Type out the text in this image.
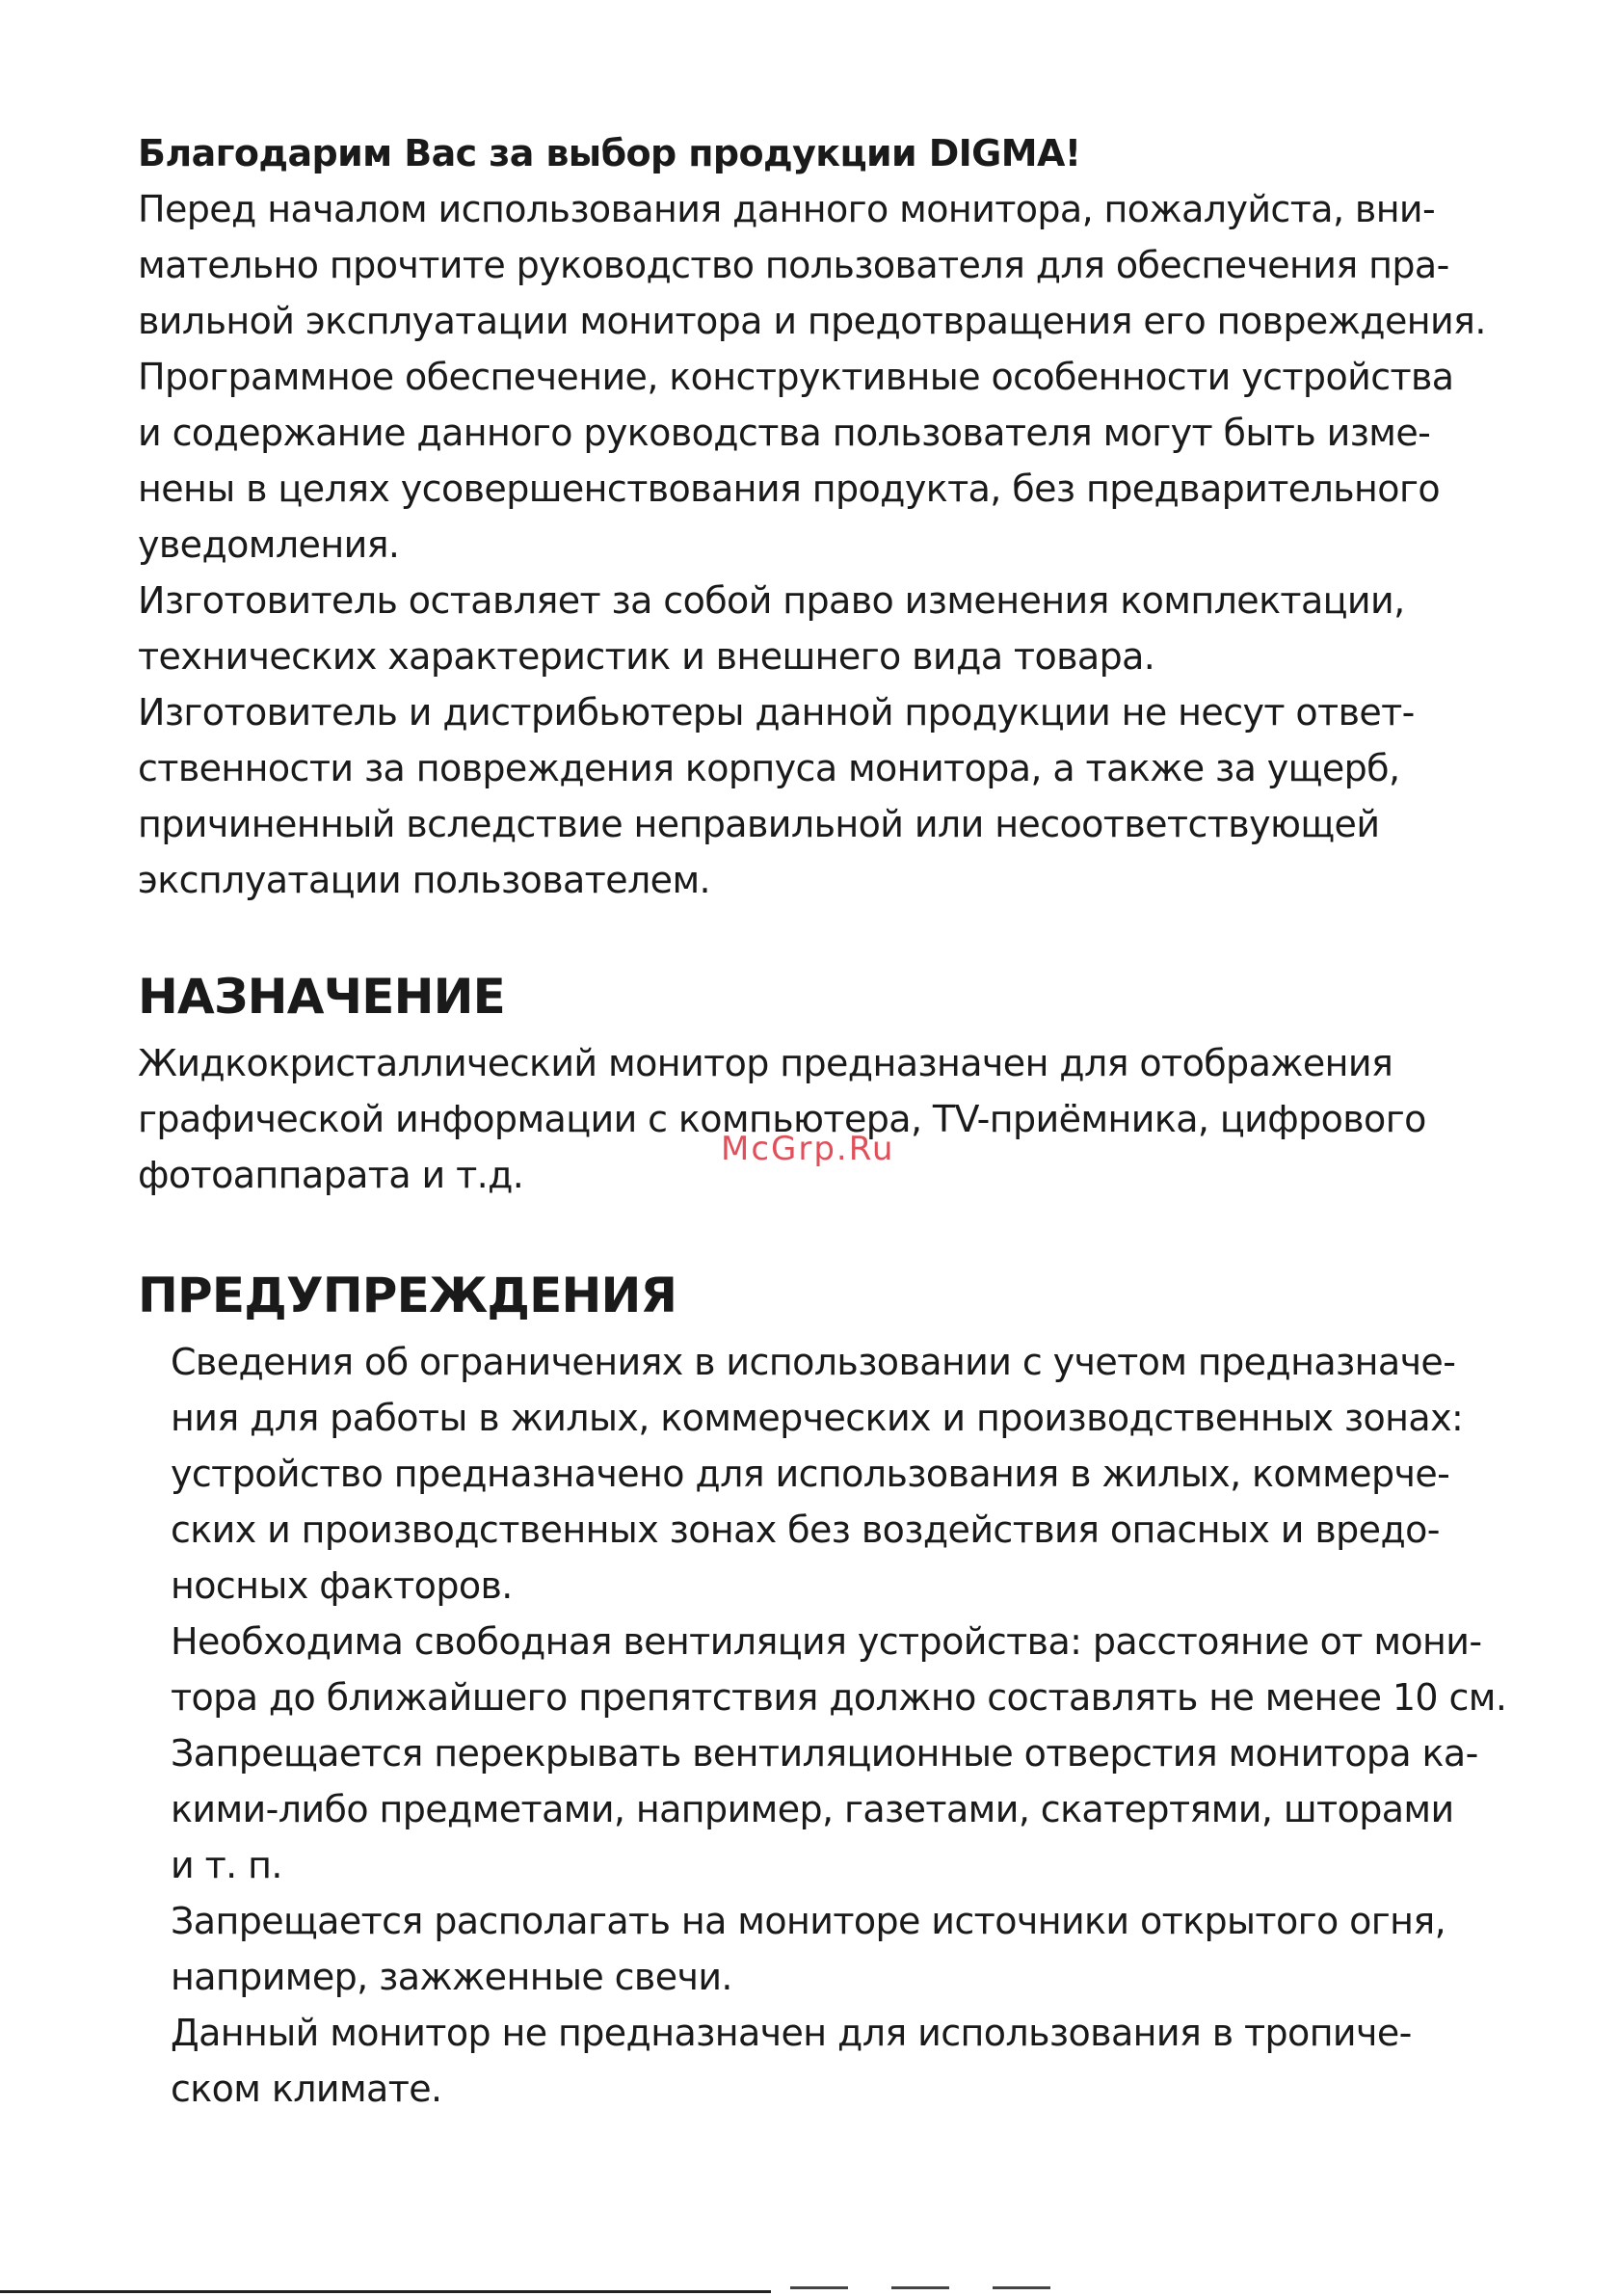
Благодарим Вас за выбор продукции DIGMA!
Перед началом использования данного монитора, пожалуйста, вни-
мательно прочтите руководство пользователя для обеспечения пра-
вильной эксплуатации монитора и предотвращения его повреждения.
Программное обеспечение, конструктивные особенности устройства
и содержание данного руководства пользователя могут быть изме-
нены в целях усовершенствования продукта, без предварительного
уведомления.
Изготовитель оставляет за собой право изменения комплектации,
технических характеристик и внешнего вида товара.
Изготовитель и дистрибьютеры данной продукции не несут ответ-
ственности за повреждения корпуса монитора, а также за ущерб,
причиненный вследствие неправильной или несоответствующей
эксплуатации пользователем.
НАЗНАЧЕНИЕ
Жидкокристаллический монитор предназначен для отображения
графической информации с компьютера, TV-приёмника, цифрового
фотоаппарата и т.д.
ПРЕДУПРЕЖДЕНИЯ
Сведения об ограничениях в использовании с учетом предназначе-
ния для работы в жилых, коммерческих и производственных зонах:
устройство предназначено для использования в жилых, коммерче-
ских и производственных зонах без воздействия опасных и вредо-
носных факторов.
Необходима свободная вентиляция устройства: расстояние от мони-
тора до ближайшего препятствия должно составлять не менее 10 см.
Запрещается перекрывать вентиляционные отверстия монитора ка-
кими-либо предметами, например, газетами, скатертями, шторами
и т. п.
Запрещается располагать на мониторе источники открытого огня,
например, зажженные свечи.
Данный монитор не предназначен для использования в тропиче-
ском климате.
McGrp.Ru
